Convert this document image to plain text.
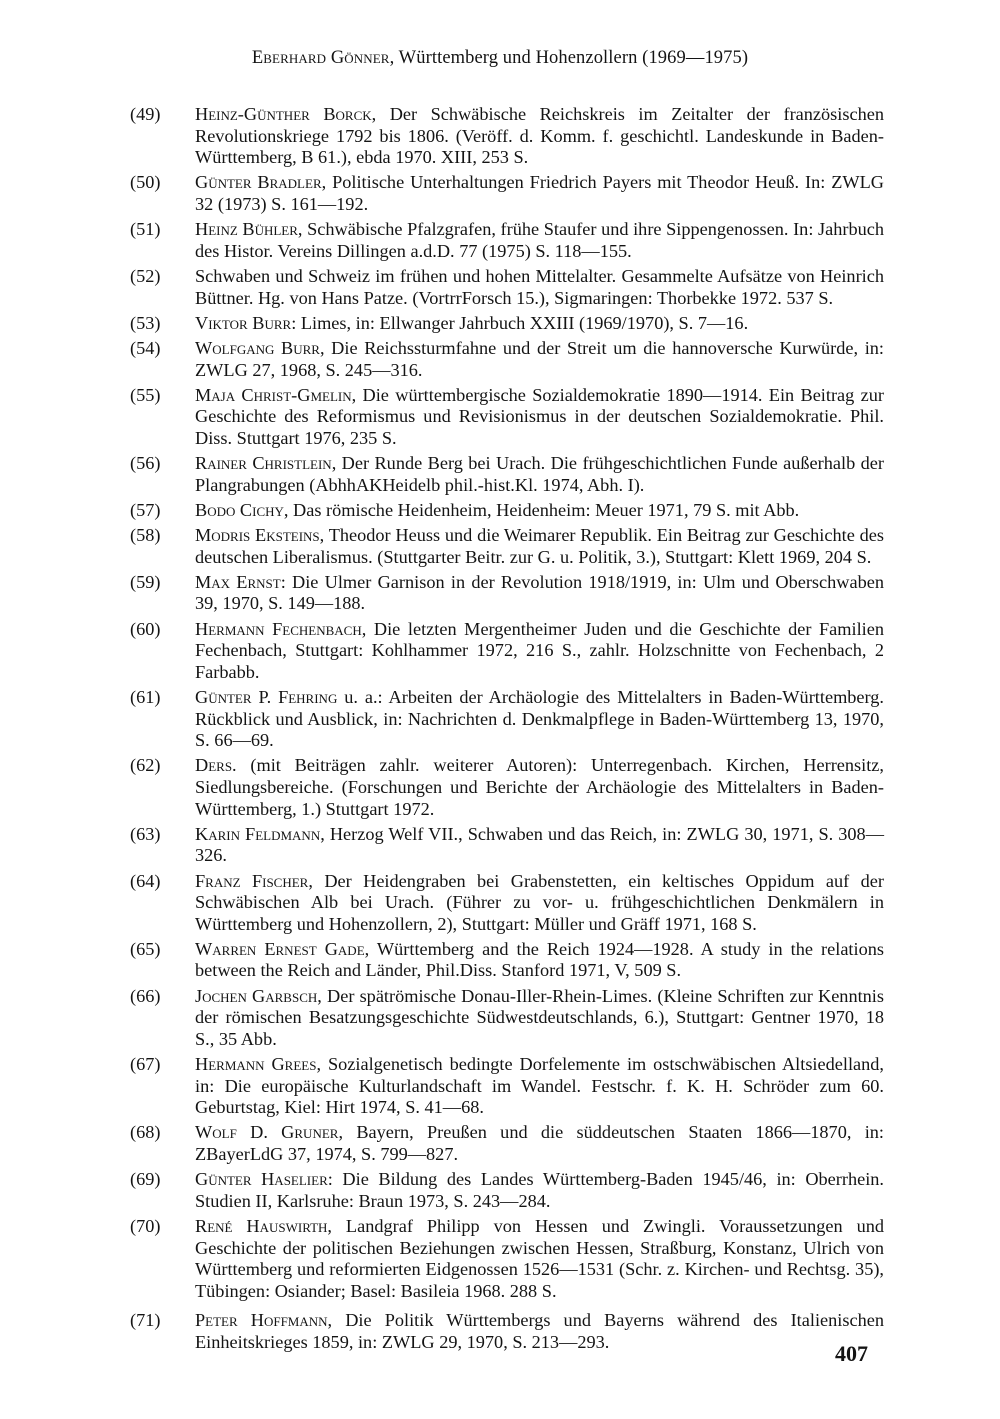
Eberhard Gönner, Württemberg und Hohenzollern (1969—1975)
(49) Heinz-Günther Borck, Der Schwäbische Reichskreis im Zeitalter der französischen Revolutionskriege 1792 bis 1806. (Veröff. d. Komm. f. geschichtl. Landeskunde in Baden-Württemberg, B 61.), ebda 1970. XIII, 253 S.
(50) Günter Bradler, Politische Unterhaltungen Friedrich Payers mit Theodor Heuß. In: ZWLG 32 (1973) S. 161—192.
(51) Heinz Bühler, Schwäbische Pfalzgrafen, frühe Staufer und ihre Sippengenossen. In: Jahrbuch des Histor. Vereins Dillingen a.d.D. 77 (1975) S. 118—155.
(52) Schwaben und Schweiz im frühen und hohen Mittelalter. Gesammelte Aufsätze von Heinrich Büttner. Hg. von Hans Patze. (VortrrForsch 15.), Sigmaringen: Thorbekke 1972. 537 S.
(53) Viktor Burr: Limes, in: Ellwanger Jahrbuch XXIII (1969/1970), S. 7—16.
(54) Wolfgang Burr, Die Reichssturmfahne und der Streit um die hannoversche Kurwürde, in: ZWLG 27, 1968, S. 245—316.
(55) Maja Christ-Gmelin, Die württembergische Sozialdemokratie 1890—1914. Ein Beitrag zur Geschichte des Reformismus und Revisionismus in der deutschen Sozialdemokratie. Phil. Diss. Stuttgart 1976, 235 S.
(56) Rainer Christlein, Der Runde Berg bei Urach. Die frühgeschichtlichen Funde außerhalb der Plangrabungen (AbhhAKHeidelb phil.-hist.Kl. 1974, Abh. I).
(57) Bodo Cichy, Das römische Heidenheim, Heidenheim: Meuer 1971, 79 S. mit Abb.
(58) Modris Eksteins, Theodor Heuss und die Weimarer Republik. Ein Beitrag zur Geschichte des deutschen Liberalismus. (Stuttgarter Beitr. zur G. u. Politik, 3.), Stuttgart: Klett 1969, 204 S.
(59) Max Ernst: Die Ulmer Garnison in der Revolution 1918/1919, in: Ulm und Oberschwaben 39, 1970, S. 149—188.
(60) Hermann Fechenbach, Die letzten Mergentheimer Juden und die Geschichte der Familien Fechenbach, Stuttgart: Kohlhammer 1972, 216 S., zahlr. Holzschnitte von Fechenbach, 2 Farbabb.
(61) Günter P. Fehring u. a.: Arbeiten der Archäologie des Mittelalters in Baden-Württemberg. Rückblick und Ausblick, in: Nachrichten d. Denkmalpflege in Baden-Württemberg 13, 1970, S. 66—69.
(62) Ders. (mit Beiträgen zahlr. weiterer Autoren): Unterregenbach. Kirchen, Herrensitz, Siedlungsbereiche. (Forschungen und Berichte der Archäologie des Mittelalters in Baden-Württemberg, 1.) Stuttgart 1972.
(63) Karin Feldmann, Herzog Welf VII., Schwaben und das Reich, in: ZWLG 30, 1971, S. 308—326.
(64) Franz Fischer, Der Heidengraben bei Grabenstetten, ein keltisches Oppidum auf der Schwäbischen Alb bei Urach. (Führer zu vor- u. frühgeschichtlichen Denkmälern in Württemberg und Hohenzollern, 2), Stuttgart: Müller und Gräff 1971, 168 S.
(65) Warren Ernest Gade, Württemberg and the Reich 1924—1928. A study in the relations between the Reich and Länder, Phil.Diss. Stanford 1971, V, 509 S.
(66) Jochen Garbsch, Der spätrömische Donau-Iller-Rhein-Limes. (Kleine Schriften zur Kenntnis der römischen Besatzungsgeschichte Südwestdeutschlands, 6.), Stuttgart: Gentner 1970, 18 S., 35 Abb.
(67) Hermann Grees, Sozialgenetisch bedingte Dorfelemente im ostschwäbischen Altsiedelland, in: Die europäische Kulturlandschaft im Wandel. Festschr. f. K. H. Schröder zum 60. Geburtstag, Kiel: Hirt 1974, S. 41—68.
(68) Wolf D. Gruner, Bayern, Preußen und die süddeutschen Staaten 1866—1870, in: ZBayerLdG 37, 1974, S. 799—827.
(69) Günter Haselier: Die Bildung des Landes Württemberg-Baden 1945/46, in: Oberrhein. Studien II, Karlsruhe: Braun 1973, S. 243—284.
(70) René Hauswirth, Landgraf Philipp von Hessen und Zwingli. Voraussetzungen und Geschichte der politischen Beziehungen zwischen Hessen, Straßburg, Konstanz, Ulrich von Württemberg und reformierten Eidgenossen 1526—1531 (Schr. z. Kirchen- und Rechtsg. 35), Tübingen: Osiander; Basel: Basileia 1968. 288 S.
(71) Peter Hoffmann, Die Politik Württembergs und Bayerns während des Italienischen Einheitskrieges 1859, in: ZWLG 29, 1970, S. 213—293.	407
